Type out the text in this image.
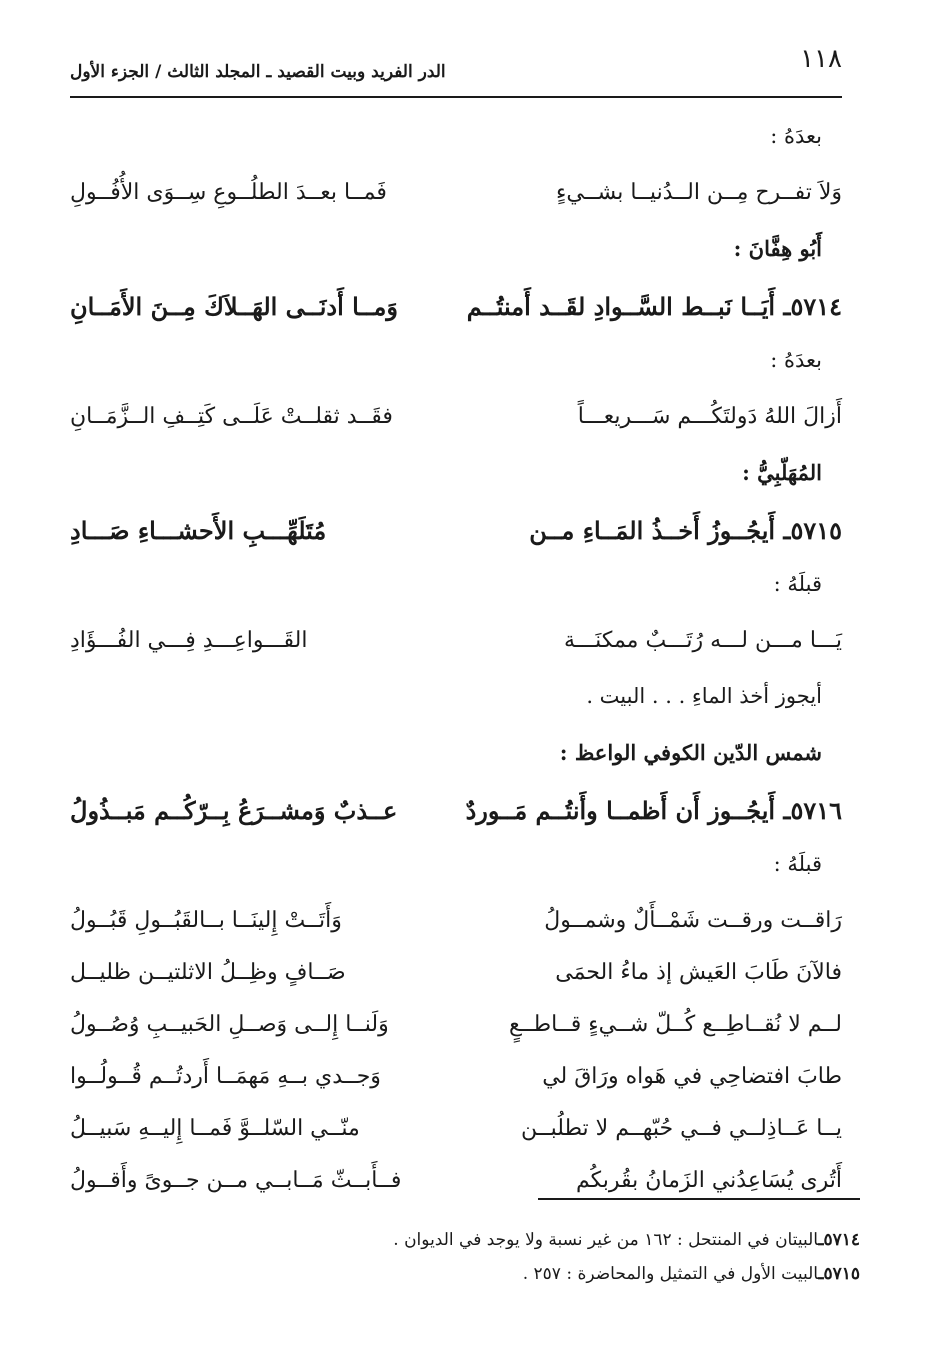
١١٨
الدر الفريد وبيت القصيد ـ المجلد الثالث / الجزء الأول
بعدَهُ :
وَلاَ تفــرح مِــن الــدُنيــا بشــيءٍ
فَمــا بعــدَ الطلُــوعِ سِــوَى الأُفُــولِ
أَبُو هِفَّانَ :
٥٧١٤ـ أَيَــا نَبــط السَّــوادِ لقَــد أَمنتُــم
وَمــا أَدنَــى الهَــلاَكَ مِــنَ الأَمَــانِ
بعدَهُ :
أَزالَ اللهُ دَولتَكُـــم سَـــريعـــاً
فقَــد ثقلــتْ عَلَــى كَتِــفِ الــزَّمَــانِ
المُهَلّبِيُّ :
٥٧١٥ـ أَيجُــوزُ أَخــذُ المَــاءِ مــن
مُتَلَهِّـــبِ الأَحشـــاءِ صَـــادِ
قبلَهُ :
يَـــا مـــن لـــه رُتَـــبٌ ممكنَـــة
القَـــواعِـــدِ فِـــي الفُـــؤَادِ
أيجوز أخذ الماءِ . . . البيت .
شمس الدّين الكوفي الواعظ :
٥٧١٦ـ أَيجُــوز أَن أَظمــا وأَنتُــم مَــوردٌ
عــذبٌ وَمشــرَعُ بِــرّكُــم مَبــذُولُ
قبلَهُ :
رَاقــت ورقــت شَمْــأَلٌ وشمــولُ
وَأَتَــتْ إِلينَــا بــالقَبُــولِ قَبُــولُ
فالآنَ طَابَ العَيش إذ ماءُ الحمَى
صَــافٍ وظِــلُ الاثلتيــن ظليــل
لــم لا نُقــاطِــع كُــلّ شــيءٍ قــاطــعٍ
وَلَنــا إِلــى وَصــلِ الحَبيــبِ وُصُــولُ
طابَ افتضاحِي في هَواه ورَاقَ لي
وَجــدي بــهِ مَهمَــا أَردتُــم قُــولُــوا
يــا عَــاذِلــي فــي حُبّهــم لا تطلُبــن
منّــي السّلــوَّ فَمــا إِليــهِ سَبيــلُ
أَتُرى يُسَاعِدُني الزَمانُ بقُربكُم
فــأَبــثّ مَــابــي مــن جــوىً وأَقــولُ
٥٧١٤ـالبيتان في المنتحل : ١٦٢ من غير نسبة ولا يوجد في الديوان .
٥٧١٥ـالبيت الأول في التمثيل والمحاضرة : ٢٥٧ .
